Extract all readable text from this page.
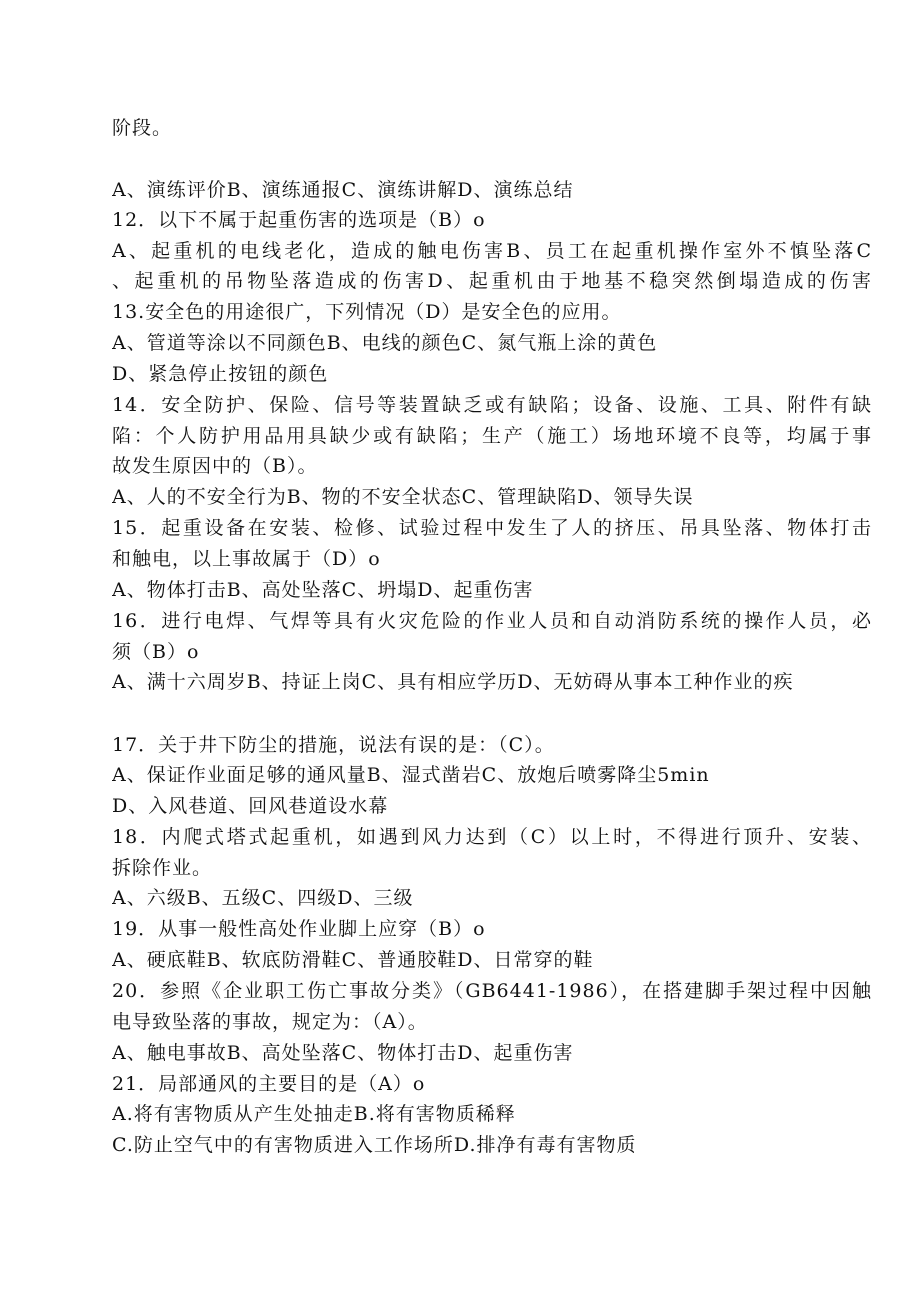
阶段。
A、演练评价B、演练通报C、演练讲解D、演练总结
12．以下不属于起重伤害的选项是（B）o
A、起重机的电线老化，造成的触电伤害B、员工在起重机操作室外不慎坠落C
、起重机的吊物坠落造成的伤害D、起重机由于地基不稳突然倒塌造成的伤害
13.安全色的用途很广，下列情况（D）是安全色的应用。
A、管道等涂以不同颜色B、电线的颜色C、氮气瓶上涂的黄色
D、紧急停止按钮的颜色
14．安全防护、保险、信号等装置缺乏或有缺陷；设备、设施、工具、附件有缺
陷：个人防护用品用具缺少或有缺陷；生产（施工）场地环境不良等，均属于事
故发生原因中的（B）。
A、人的不安全行为B、物的不安全状态C、管理缺陷D、领导失误
15．起重设备在安装、检修、试验过程中发生了人的挤压、吊具坠落、物体打击
和触电，以上事故属于（D）o
A、物体打击B、高处坠落C、坍塌D、起重伤害
16．进行电焊、气焊等具有火灾危险的作业人员和自动消防系统的操作人员，必
须（B）o
A、满十六周岁B、持证上岗C、具有相应学历D、无妨碍从事本工种作业的疾
17．关于井下防尘的措施，说法有误的是：（C）。
A、保证作业面足够的通风量B、湿式凿岩C、放炮后喷雾降尘5min
D、入风巷道、回风巷道设水幕
18．内爬式塔式起重机，如遇到风力达到（C）以上时，不得进行顶升、安装、
拆除作业。
A、六级B、五级C、四级D、三级
19．从事一般性高处作业脚上应穿（B）o
A、硬底鞋B、软底防滑鞋C、普通胶鞋D、日常穿的鞋
20．参照《企业职工伤亡事故分类》（GB6441-1986），在搭建脚手架过程中因触
电导致坠落的事故，规定为：（A）。
A、触电事故B、高处坠落C、物体打击D、起重伤害
21．局部通风的主要目的是（A）o
A.将有害物质从产生处抽走B.将有害物质稀释
C.防止空气中的有害物质进入工作场所D.排净有毒有害物质
